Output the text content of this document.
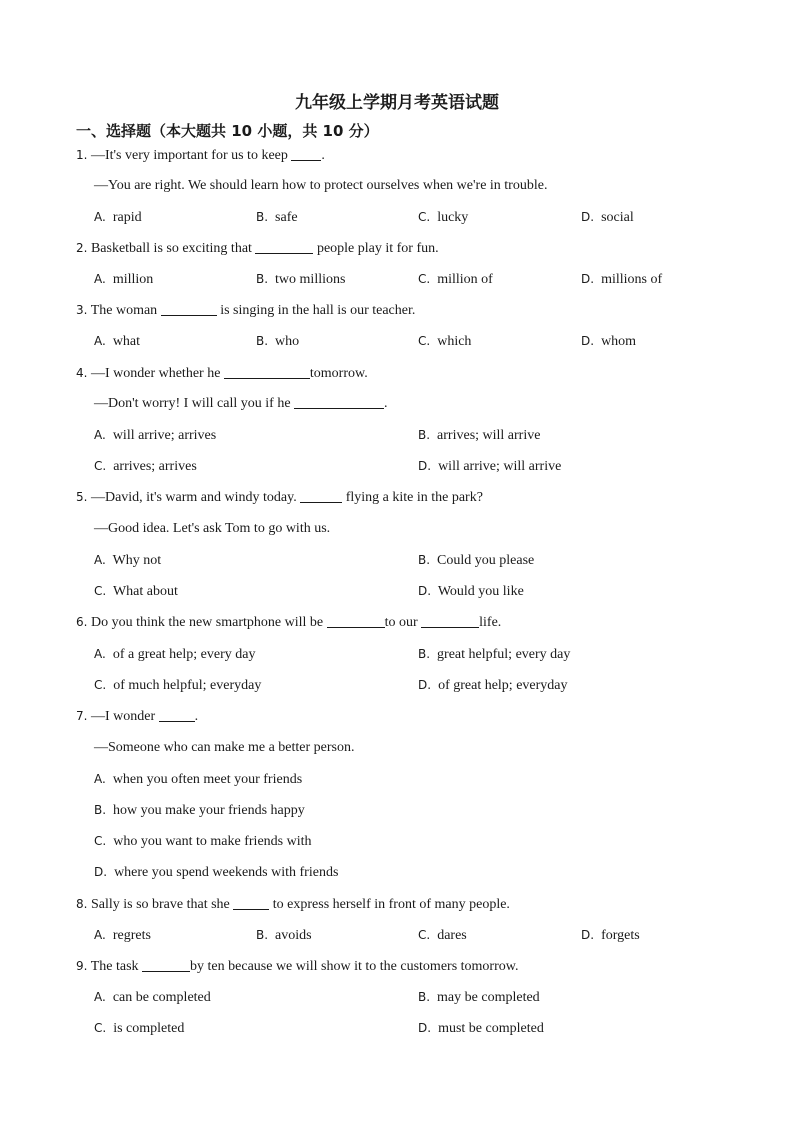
九年级上学期月考英语试题
一、选择题（本大题共 10 小题，共 10 分）
1. —It's very important for us to keep .
—You are right. We should learn how to protect ourselves when we're in trouble.
A. rapid	B. safe	C. lucky	D. social
2. Basketball is so exciting that	people play it for fun.
A. million	B. two millions	C. million of	D. millions of
3. The woman	is singing in the hall is our teacher.
A. what	B. who	C. which	D. whom
4. —I wonder whether he	tomorrow.
—Don't worry! I will call you if he	.
A. will arrive; arrives	B. arrives; will arrive
C. arrives; arrives	D. will arrive; will arrive
5. —David, it's warm and windy today.	flying a kite in the park?
—Good idea. Let's ask Tom to go with us.
A. Why not	B. Could you please
C. What about	D. Would you like
6. Do you think the new smartphone will be	to our	life.
A. of a great help; every day	B. great helpful; every day
C. of much helpful; everyday	D. of great help; everyday
7. —I wonder	.
—Someone who can make me a better person.
A. when you often meet your friends
B. how you make your friends happy
C. who you want to make friends with
D. where you spend weekends with friends
8. Sally is so brave that she	to express herself in front of many people.
A. regrets	B. avoids	C. dares	D. forgets
9. The task	by ten because we will show it to the customers tomorrow.
A. can be completed	B. may be completed
C. is completed	D. must be completed
